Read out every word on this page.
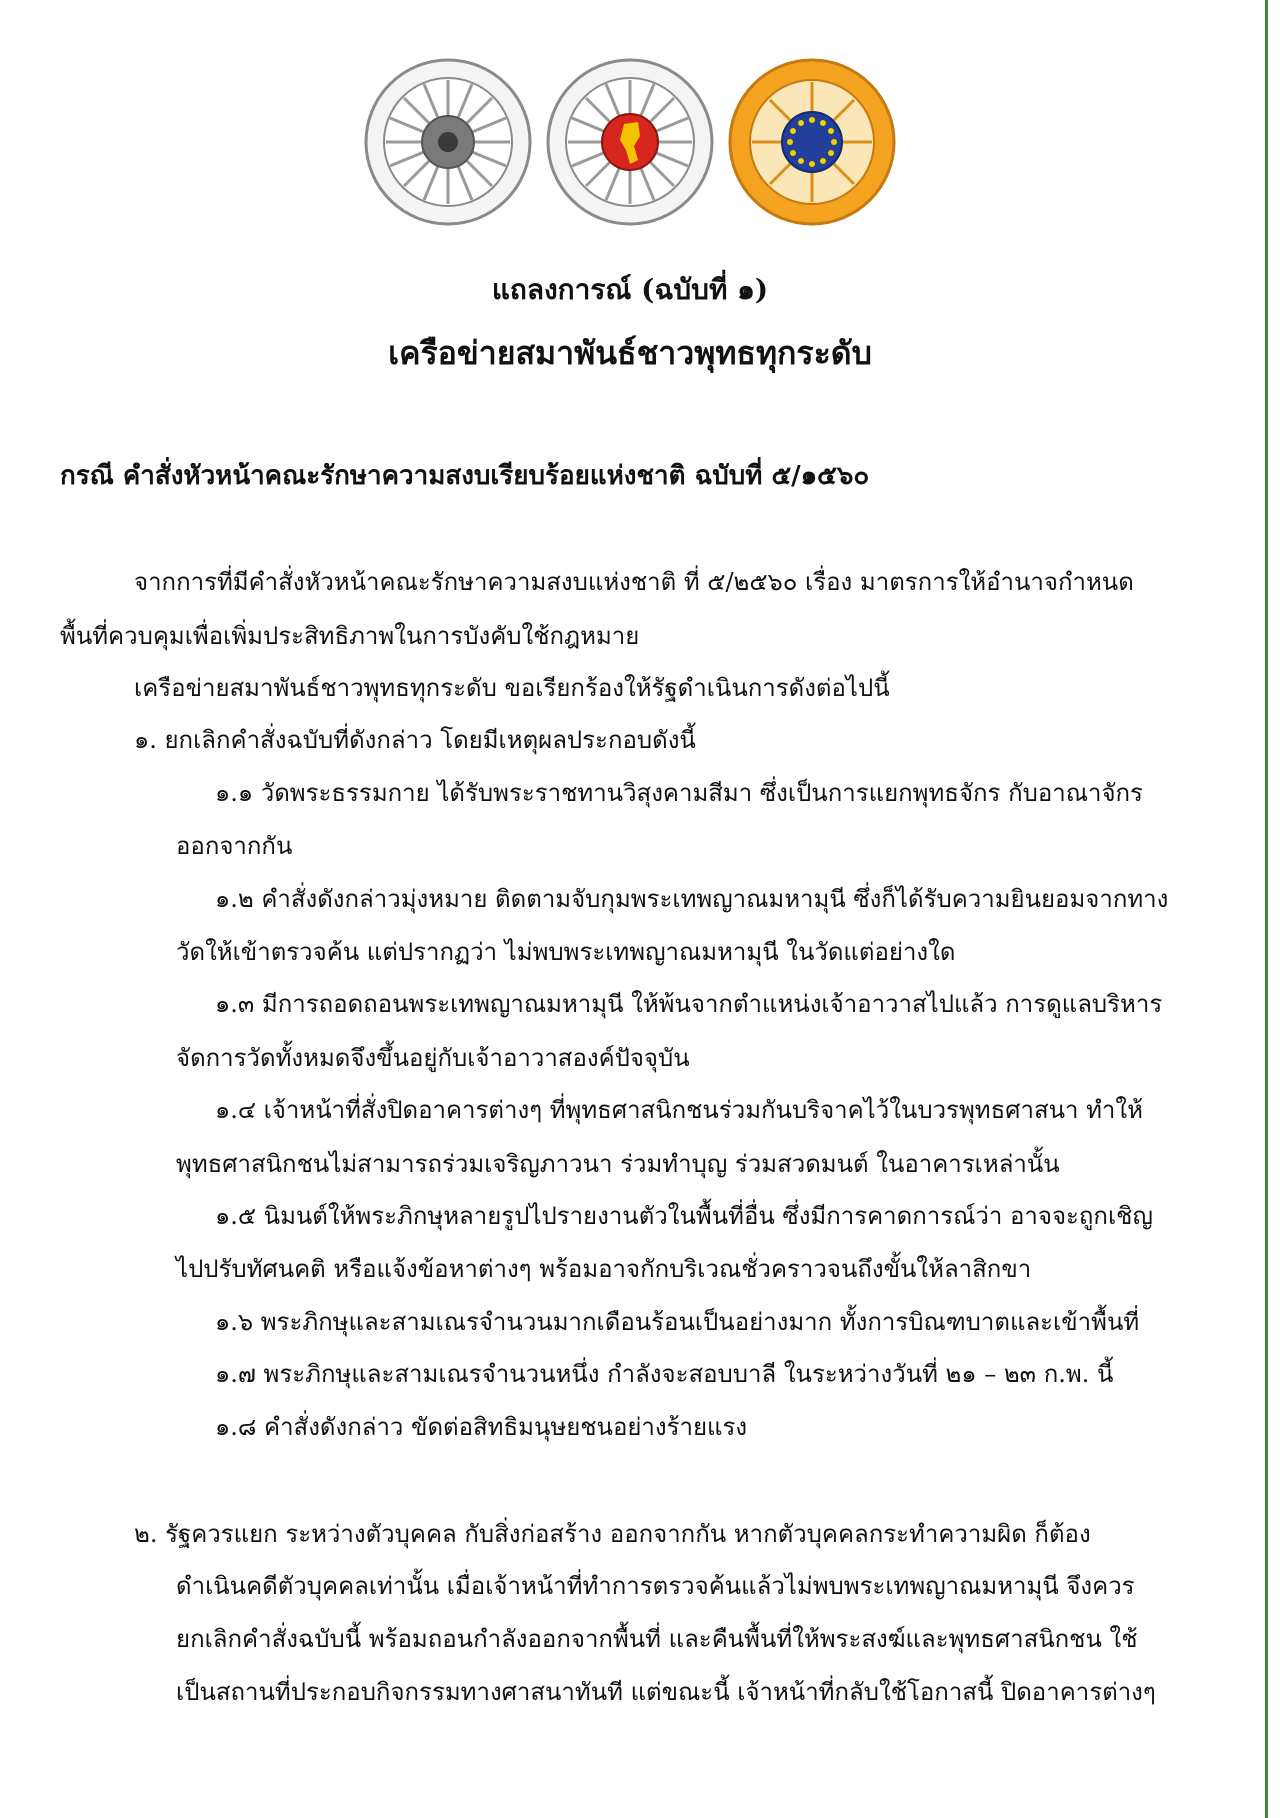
แถลงการณ์ (ฉบับที่ ๑)
เครือข่ายสมาพันธ์ชาวพุทธทุกระดับ
กรณี คำสั่งหัวหน้าคณะรักษาความสงบเรียบร้อยแห่งชาติ ฉบับที่ ๕/๑๕๖๐
จากการที่มีคำสั่งหัวหน้าคณะรักษาความสงบแห่งชาติ ที่ ๕/๒๕๖๐ เรื่อง มาตรการให้อำนาจกำหนด
พื้นที่ควบคุมเพื่อเพิ่มประสิทธิภาพในการบังคับใช้กฎหมาย
เครือข่ายสมาพันธ์ชาวพุทธทุกระดับ ขอเรียกร้องให้รัฐดำเนินการดังต่อไปนี้
๑. ยกเลิกคำสั่งฉบับที่ดังกล่าว โดยมีเหตุผลประกอบดังนี้
๑.๑ วัดพระธรรมกาย ได้รับพระราชทานวิสุงคามสีมา ซึ่งเป็นการแยกพุทธจักร กับอาณาจักร
ออกจากกัน
๑.๒ คำสั่งดังกล่าวมุ่งหมาย ติดตามจับกุมพระเทพญาณมหามุนี ซึ่งก็ได้รับความยินยอมจากทาง
วัดให้เข้าตรวจค้น แต่ปรากฏว่า ไม่พบพระเทพญาณมหามุนี ในวัดแต่อย่างใด
๑.๓ มีการถอดถอนพระเทพญาณมหามุนี ให้พ้นจากตำแหน่งเจ้าอาวาสไปแล้ว การดูแลบริหาร
จัดการวัดทั้งหมดจึงขึ้นอยู่กับเจ้าอาวาสองค์ปัจจุบัน
๑.๔ เจ้าหน้าที่สั่งปิดอาคารต่างๆ ที่พุทธศาสนิกชนร่วมกันบริจาคไว้ในบวรพุทธศาสนา ทำให้
พุทธศาสนิกชนไม่สามารถร่วมเจริญภาวนา ร่วมทำบุญ ร่วมสวดมนต์ ในอาคารเหล่านั้น
๑.๕ นิมนต์ให้พระภิกษุหลายรูปไปรายงานตัวในพื้นที่อื่น ซึ่งมีการคาดการณ์ว่า อาจจะถูกเชิญ
ไปปรับทัศนคติ หรือแจ้งข้อหาต่างๆ พร้อมอาจกักบริเวณชั่วคราวจนถึงขั้นให้ลาสิกขา
๑.๖ พระภิกษุและสามเณรจำนวนมากเดือนร้อนเป็นอย่างมาก ทั้งการบิณฑบาตและเข้าพื้นที่
๑.๗ พระภิกษุและสามเณรจำนวนหนึ่ง กำลังจะสอบบาลี ในระหว่างวันที่ ๒๑ – ๒๓ ก.พ. นี้
๑.๘ คำสั่งดังกล่าว ขัดต่อสิทธิมนุษยชนอย่างร้ายแรง
๒. รัฐควรแยก ระหว่างตัวบุคคล กับสิ่งก่อสร้าง ออกจากกัน หากตัวบุคคลกระทำความผิด ก็ต้อง
ดำเนินคดีตัวบุคคลเท่านั้น เมื่อเจ้าหน้าที่ทำการตรวจค้นแล้วไม่พบพระเทพญาณมหามุนี จึงควร
ยกเลิกคำสั่งฉบับนี้ พร้อมถอนกำลังออกจากพื้นที่ และคืนพื้นที่ให้พระสงฆ์และพุทธศาสนิกชน ใช้
เป็นสถานที่ประกอบกิจกรรมทางศาสนาทันที แต่ขณะนี้ เจ้าหน้าที่กลับใช้โอกาสนี้ ปิดอาคารต่างๆ
